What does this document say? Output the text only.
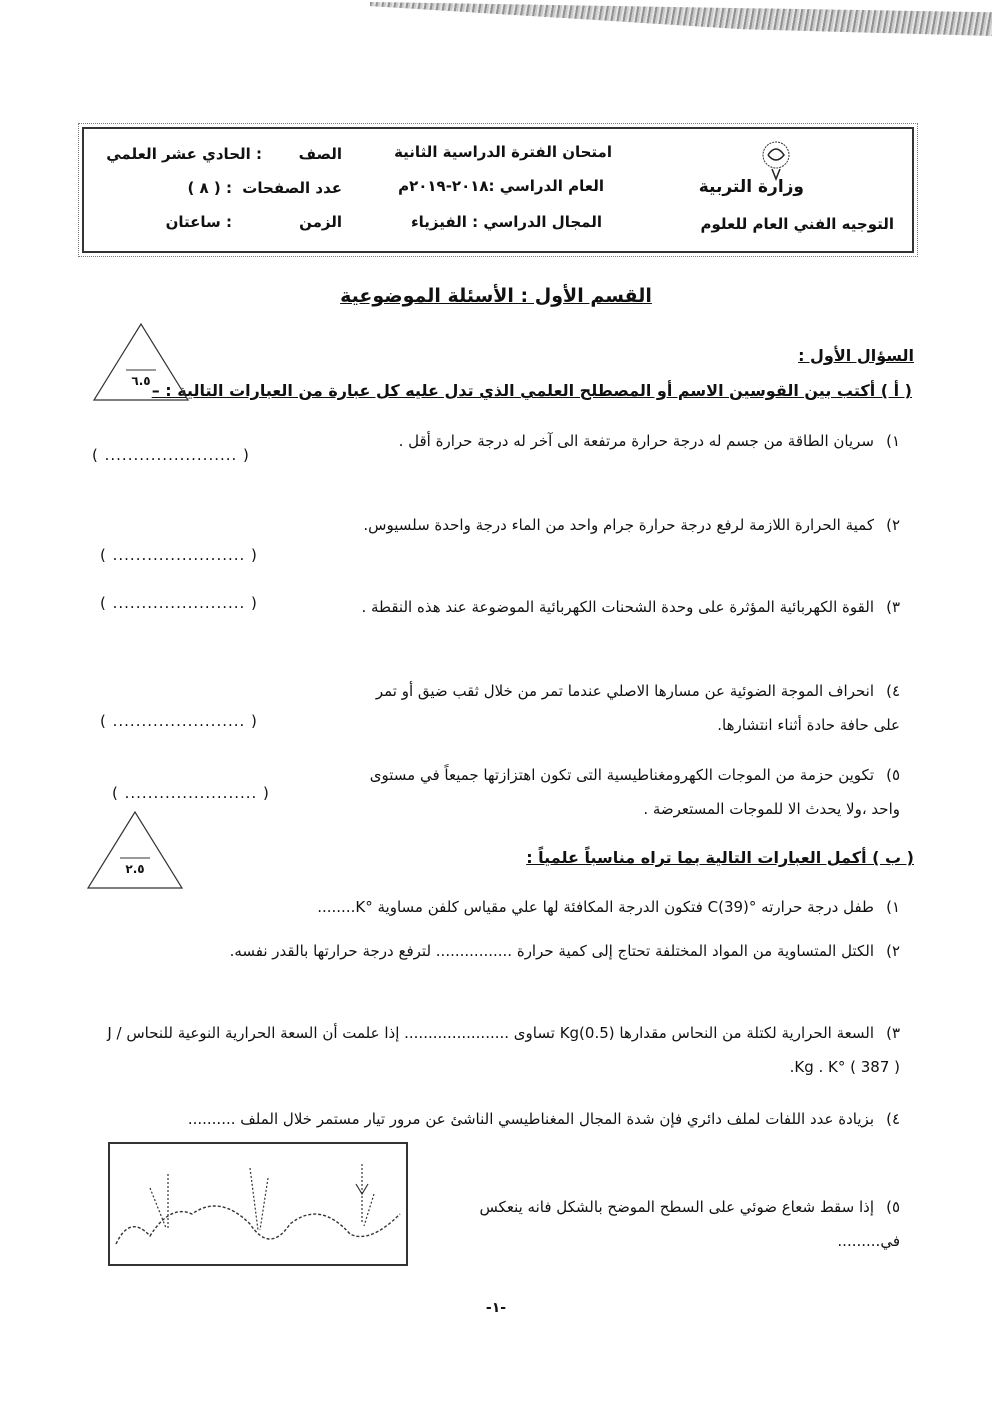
وزارة التربية
التوجيه الفني العام للعلوم
امتحان الفترة الدراسية الثانية
العام الدراسي :٢٠١٨-٢٠١٩م
المجال الدراسي : الفيزياء
الصف
: الحادي عشر العلمي
عدد الصفحات
: ( ٨ )
الزمن
: ساعتان
القسم الأول : الأسئلة الموضوعية
السؤال الأول :
( أ ) أكتب بين القوسين الاسم أو المصطلح العلمي الذي تدل عليه كل عبارة من العبارات التالية : –
٦.٥
١)سريان الطاقة من جسم له درجة حرارة مرتفعة الى آخر له درجة حرارة أقل .
( ....................... )
٢)كمية الحرارة اللازمة لرفع درجة حرارة جرام واحد من الماء درجة واحدة سلسيوس.
( ....................... )
٣)القوة الكهربائية المؤثرة على وحدة الشحنات الكهربائية الموضوعة عند هذه النقطة .
( ....................... )
٤)انحراف الموجة الضوئية عن مسارها الاصلي عندما تمر من خلال ثقب ضيق أو تمر على حافة حادة أثناء انتشارها.
( ....................... )
٥)تكوين حزمة من الموجات الكهرومغناطيسية التى تكون اهتزازتها جميعاً في مستوى واحد ،ولا يحدث الا للموجات المستعرضة .
( ....................... )
٢.٥
( ب ) أكمل العبارات التالية بما تراه مناسباً علمياً :
١)طفل درجة حرارته °C(39) فتكون الدرجة المكافئة لها علي مقياس كلفن مساوية °K........
٢)الكتل المتساوية من المواد المختلفة تحتاج إلى كمية حرارة ................ لترفع درجة حرارتها بالقدر نفسه.
٣)السعة الحرارية لكتلة من النحاس مقدارها Kg(0.5) تساوى ...................... إذا علمت أن السعة الحرارية النوعية للنحاس J / Kg . K° ( 387 ).
٤)بزيادة عدد اللفات لملف دائري فإن شدة المجال المغناطيسي الناشئ عن مرور تيار مستمر خلال الملف ..........
٥)إذا سقط شعاع ضوئي على السطح الموضح بالشكل فانه ينعكس في.........
-١-
